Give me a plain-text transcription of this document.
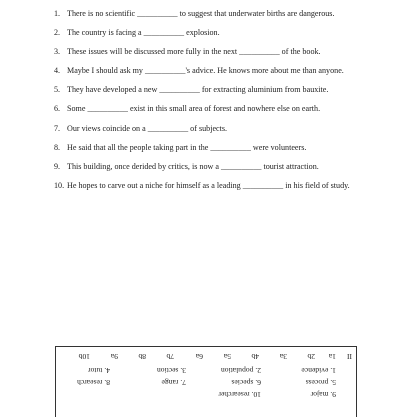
1. There is no scientific __________ to suggest that underwater births are dangerous.
2. The country is facing a __________ explosion.
3. These issues will be discussed more fully in the next __________ of the book.
4. Maybe I should ask my __________'s advice. He knows more about me than anyone.
5. They have developed a new __________ for extracting aluminium from bauxite.
6. Some __________ exist in this small area of forest and nowhere else on earth.
7. Our views coincide on a __________ of subjects.
8. He said that all the people taking part in the __________ were volunteers.
9. This building, once derided by critics, is now a __________ tourist attraction.
10. He hopes to carve out a niche for himself as a leading __________ in his field of study.
II
1a
2b
3a
4b
5a
6a
7b
8b
9a
10b
1. evidence
2. population
3. section
4. tutor
5. process
6. species
7. range
8. research
9. major
10. researcher
